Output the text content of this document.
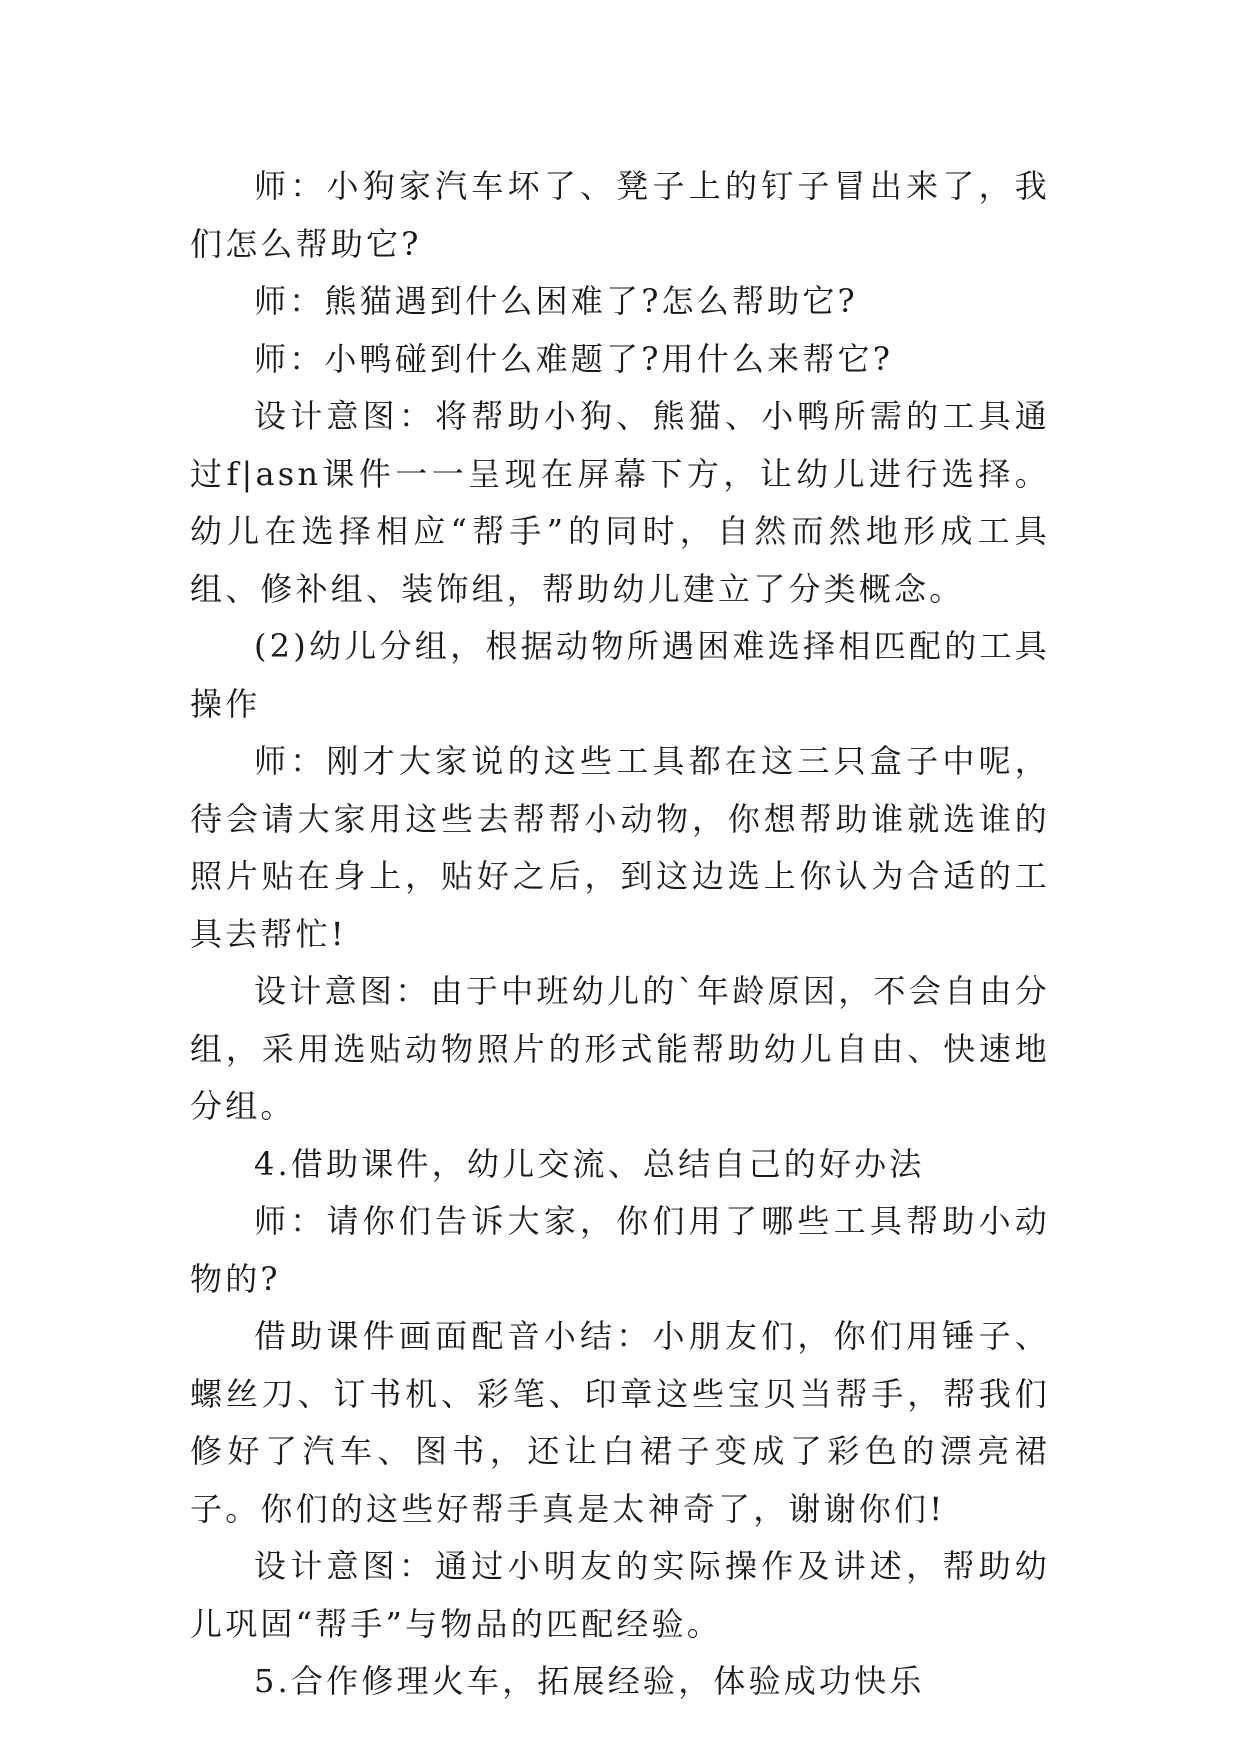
师：小狗家汽车坏了、凳子上的钉子冒出来了，我们怎么帮助它?

师：熊猫遇到什么困难了?怎么帮助它?

师：小鸭碰到什么难题了?用什么来帮它?

设计意图：将帮助小狗、熊猫、小鸭所需的工具通过f|asn课件一一呈现在屏幕下方，让幼儿进行选择。幼儿在选择相应“帮手”的同时，自然而然地形成工具组、修补组、装饰组，帮助幼儿建立了分类概念。

(2)幼儿分组，根据动物所遇困难选择相匹配的工具操作

师：刚才大家说的这些工具都在这三只盒子中呢，待会请大家用这些去帮帮小动物，你想帮助谁就选谁的照片贴在身上，贴好之后，到这边选上你认为合适的工具去帮忙!

设计意图：由于中班幼儿的`年龄原因，不会自由分组，采用选贴动物照片的形式能帮助幼儿自由、快速地分组。

4.借助课件，幼儿交流、总结自己的好办法

师：请你们告诉大家，你们用了哪些工具帮助小动物的?

借助课件画面配音小结：小朋友们，你们用锤子、螺丝刀、订书机、彩笔、印章这些宝贝当帮手，帮我们修好了汽车、图书，还让白裙子变成了彩色的漂亮裙子。你们的这些好帮手真是太神奇了，谢谢你们!

设计意图：通过小明友的实际操作及讲述，帮助幼儿巩固“帮手”与物品的匹配经验。

5.合作修理火车，拓展经验，体验成功快乐
